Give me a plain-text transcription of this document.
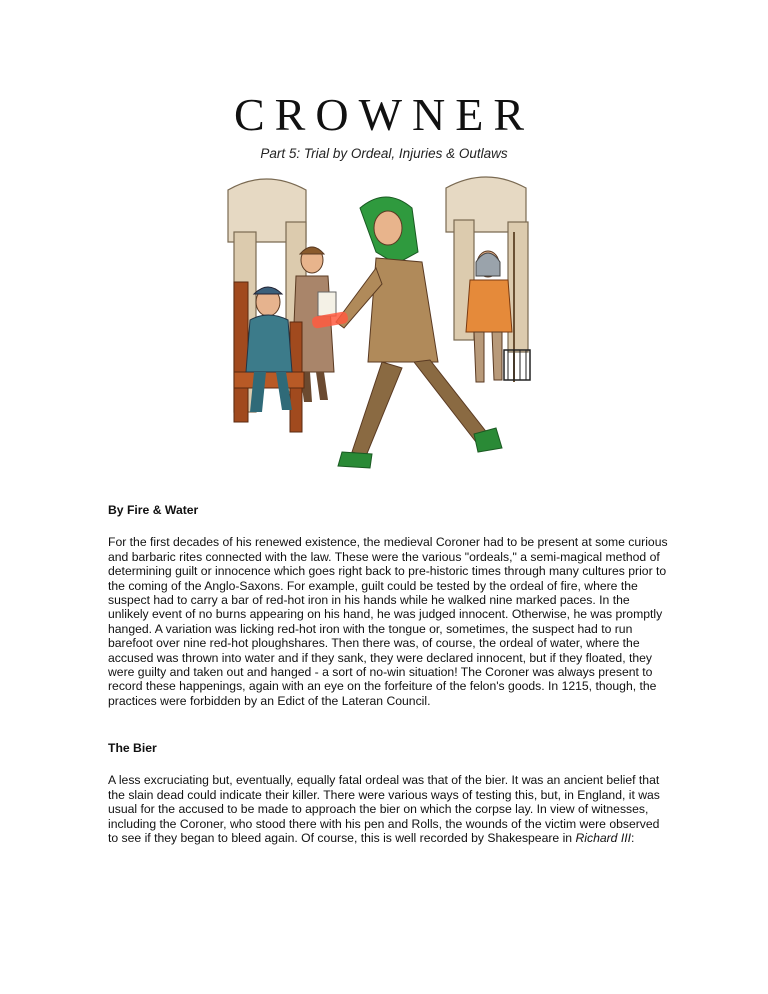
CROWNER

Part 5: Trial by Ordeal, Injuries & Outlaws

By Fire & Water

For the first decades of his renewed existence, the medieval Coroner had to be present at some curious and barbaric rites connected with the law. These were the various "ordeals," a semi-magical method of determining guilt or innocence which goes right back to pre-historic times through many cultures prior to the coming of the Anglo-Saxons. For example, guilt could be tested by the ordeal of fire, where the suspect had to carry a bar of red-hot iron in his hands while he walked nine marked paces. In the unlikely event of no burns appearing on his hand, he was judged innocent. Otherwise, he was promptly hanged. A variation was licking red-hot iron with the tongue or, sometimes, the suspect had to run barefoot over nine red-hot ploughshares. Then there was, of course, the ordeal of water, where the accused was thrown into water and if they sank, they were declared innocent, but if they floated, they were guilty and taken out and hanged - a sort of no-win situation! The Coroner was always present to record these happenings, again with an eye on the forfeiture of the felon's goods. In 1215, though, the practices were forbidden by an Edict of the Lateran Council.

The Bier

A less excruciating but, eventually, equally fatal ordeal was that of the bier. It was an ancient belief that the slain dead could indicate their killer. There were various ways of testing this, but, in England, it was usual for the accused to be made to approach the bier on which the corpse lay. In view of witnesses, including the Coroner, who stood there with his pen and Rolls, the wounds of the victim were observed to see if they began to bleed again. Of course, this is well recorded by Shakespeare in Richard III:
